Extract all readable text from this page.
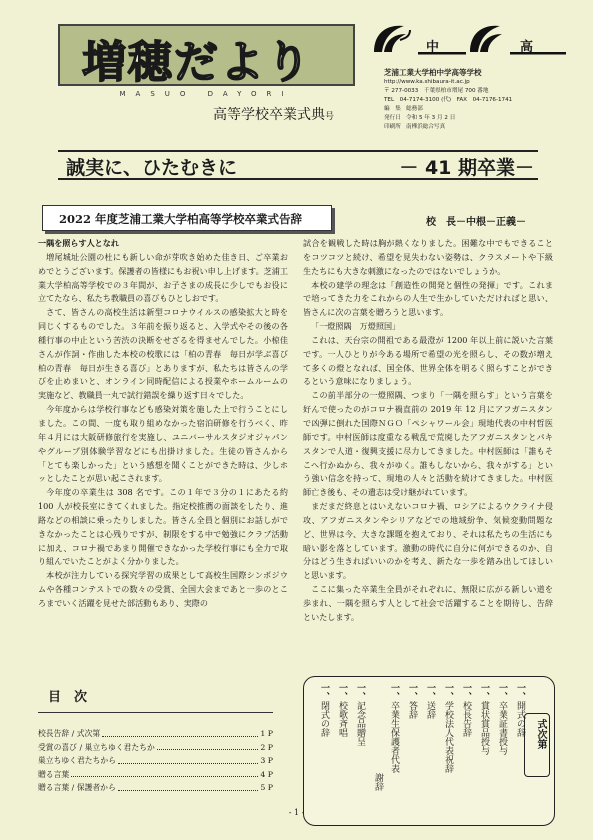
増穂だより
MASUO DAYORI
高等学校卒業式典号
中	高
芝浦工業大学柏中学高等学校
http://www.ka.shibaura-it.ac.jp
〒 277-0033　千葉県柏市増尾 700 番地
TEL　04-7174-3100 (代)　FAX　04-7176-1741
編　集 総務部
発行日 令和 5 年 3 月 2 日
印刷所 南樺浜総合写真
誠実に、ひたむきに	－ 41 期卒業－
2022 年度芝浦工業大学柏高等学校卒業式告辞	校　長－中根－正義－

一隅を照らす人となれ

増尾城址公園の杜にも新しい命が芽吹き始めた佳き日、ご卒業おめでとうございます。保護者の皆様にもお祝い申し上げます。芝浦工業大学柏高等学校での３年間が、お子さまの成長に少しでもお役に立てたなら、私たち教職員の喜びもひとしおです。

さて、皆さんの高校生活は新型コロナウイルスの感染拡大と時を同じくするものでした。３年前を振り返ると、入学式やその後の各種行事の中止という苦渋の決断をせざるを得ませんでした。小椋佳さんが作詞・作曲した本校の校歌には「柏の青春　毎日が学ぶ喜び　柏の青春　毎日が生きる喜び」とありますが、私たちは皆さんの学びを止めまいと、オンライン同時配信による授業やホームルームの実施など、教職員一丸で試行錯誤を繰り返す日々でした。

今年度からは学校行事なども感染対策を施した上で行うことにしました。この間、一度も取り組めなかった宿泊研修を行うべく、昨年４月には大阪研修旅行を実施し、ユニバーサルスタジオジャパンやグループ別体験学習などにも出掛けました。生徒の皆さんから「とても楽しかった」という感想を聞くことができた時は、少しホッとしたことが思い起こされます。

今年度の卒業生は 308 名です。この１年で３分の１にあたる約 100 人が校長室にきてくれました。指定校推薦の面談をしたり、進路などの相談に乗ったりしました。皆さん全員と個別にお話しができなかったことは心残りですが、制限をする中で勉強にクラブ活動に加え、コロナ禍であまり開催できなかった学校行事にも全力で取り組んでいたことがよく分かりました。

本校が注力している探究学習の成果として高校生国際シンポジウムや各種コンテストでの数々の受賞、全国大会まであと一歩のところまでいく活躍を見せた部活動もあり、実際の

試合を観戦した時は胸が熱くなりました。困難な中でもできることをコツコツと続け、希望を見失わない姿勢は、クラスメートや下級生たちにも大きな刺激になったのではないでしょうか。

本校の建学の理念は「創造性の開発と個性の発揮」です。これまで培ってきた力をこれからの人生で生かしていただければと思い、皆さんに次の言葉を贈ろうと思います。

「一燈照隅　万燈照国」

これは、天台宗の開祖である最澄が 1200 年以上前に説いた言葉です。一人ひとりが今ある場所で希望の光を照らし、その数が増えて多くの燈となれば、国全体、世界全体を明るく照らすことができるという意味になりましょう。

この前半部分の一燈照隅、つまり「一隅を照らす」という言葉を好んで使ったのがコロナ禍直前の 2019 年 12 月にアフガニスタンで凶弾に倒れた国際ＮＧＯ「ペシャワール会」現地代表の中村哲医師です。中村医師は度重なる戦乱で荒廃したアフガニスタンとパキスタンで人道・復興支援に尽力してきました。中村医師は「誰もそこへ行かぬから、我々がゆく。誰もしないから、我々がする」という強い信念を持って、現地の人々と活動を続けてきました。中村医師亡き後も、その遺志は受け継がれています。

まだまだ終息とはいえないコロナ禍、ロシアによるウクライナ侵攻、アフガニスタンやシリアなどでの地域紛争、気候変動問題など、世界は今、大きな課題を抱えており、それは私たちの生活にも暗い影を落としています。激動の時代に自分に何ができるのか、自分はどう生きればいいのかを考え、新たな一歩を踏み出してほしいと思います。

ここに集った卒業生全員がそれぞれに、無限に広がる新しい道を歩まれ、一隅を照らす人として社会で活躍することを期待し、告辞といたします。

目　次
校長告辞 / 式次第	1 P
受賞の喜び / 巣立ちゆく君たちか	2 P
巣立ちゆく君たちから	3 P
贈る言葉	4 P
贈る言葉 / 保護者から	5 P
一、開式の辞
一、卒業証書授与
一、賞状賞品授与
一、校長告辞
一、学校法人代表祝辞
一、送辞
一、答辞
一、卒業生保護者代表
謝辞
一、記念品贈呈
一、校歌斉唱
一、閉式の辞	式次第
- 1 -
